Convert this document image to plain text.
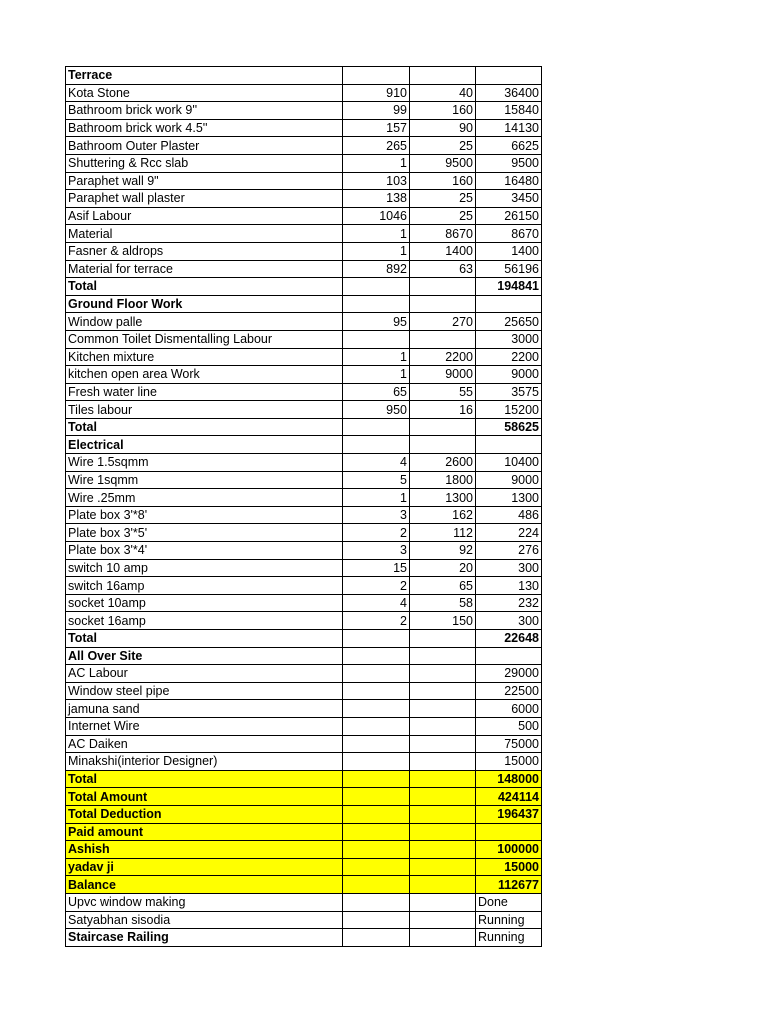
Terrace			
Kota Stone	910	40	36400
Bathroom brick work 9''	99	160	15840
Bathroom brick work 4.5''	157	90	14130
Bathroom Outer Plaster	265	25	6625
Shuttering & Rcc slab	1	9500	9500
Paraphet wall 9"	103	160	16480
Paraphet wall plaster	138	25	3450
Asif Labour	1046	25	26150
Material	1	8670	8670
Fasner & aldrops	1	1400	1400
Material for terrace	892	63	56196
Total			194841
Ground Floor Work			
Window palle	95	270	25650
Common Toilet Dismentalling Labour			3000
Kitchen mixture	1	2200	2200
kitchen open area Work	1	9000	9000
Fresh water line	65	55	3575
Tiles labour	950	16	15200
Total			58625
Electrical			
Wire 1.5sqmm	4	2600	10400
Wire 1sqmm	5	1800	9000
Wire .25mm	1	1300	1300
Plate box 3'*8'	3	162	486
Plate box 3'*5'	2	112	224
Plate box 3'*4'	3	92	276
switch 10 amp	15	20	300
switch 16amp	2	65	130
socket 10amp	4	58	232
socket 16amp	2	150	300
Total			22648
All Over Site			
AC Labour			29000
Window steel pipe			22500
jamuna sand			6000
Internet Wire			500
AC Daiken			75000
Minakshi(interior Designer)			15000
Total			148000
Total Amount			424114
Total Deduction			196437
Paid amount			
Ashish			100000
yadav ji			15000
Balance			112677
Upvc window making			Done
Satyabhan sisodia			Running
Staircase Railing			Running
